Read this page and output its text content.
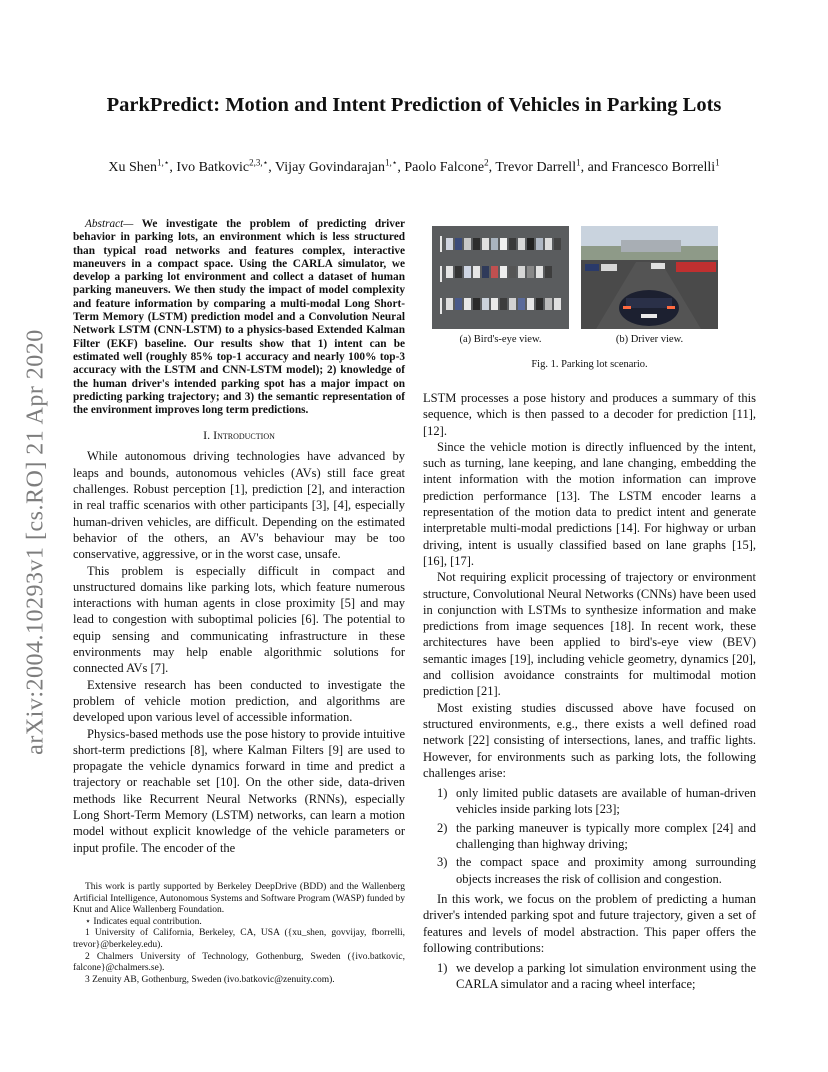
arXiv:2004.10293v1 [cs.RO] 21 Apr 2020
ParkPredict: Motion and Intent Prediction of Vehicles in Parking Lots
Xu Shen$^{1,⋆}$, Ivo Batkovic$^{2,3,⋆}$, Vijay Govindarajan$^{1,⋆}$, Paolo Falcone$^2$, Trevor Darrell$^1$, and Francesco Borrelli$^1$

Abstract— We investigate the problem of predicting driver behavior in parking lots, an environment which is less structured than typical road networks and features complex, interactive maneuvers in a compact space. Using the CARLA simulator, we develop a parking lot environment and collect a dataset of human parking maneuvers. We then study the impact of model complexity and feature information by comparing a multi-modal Long Short-Term Memory (LSTM) prediction model and a Convolution Neural Network LSTM (CNN-LSTM) to a physics-based Extended Kalman Filter (EKF) baseline. Our results show that 1) intent can be estimated well (roughly 85% top-1 accuracy and nearly 100% top-3 accuracy with the LSTM and CNN-LSTM model); 2) knowledge of the human driver's intended parking spot has a major impact on predicting parking trajectory; and 3) the semantic representation of the environment improves long term predictions.

I. Introduction

While autonomous driving technologies have advanced by leaps and bounds, autonomous vehicles (AVs) still face great challenges. Robust perception [1], prediction [2], and interaction in real traffic scenarios with other participants [3], [4], especially human-driven vehicles, are difficult. Depending on the estimated behavior of the others, an AV's behaviour may be too conservative, aggressive, or in the worst case, unsafe.

This problem is especially difficult in compact and unstructured domains like parking lots, which feature numerous interactions with human agents in close proximity [5] and may lead to congestion with suboptimal policies [6]. The potential to equip sensing and communicating infrastructure in these environments may help enable algorithmic solutions for connected AVs [7].

Extensive research has been conducted to investigate the problem of vehicle motion prediction, and algorithms are developed upon various level of accessible information.

Physics-based methods use the pose history to provide intuitive short-term predictions [8], where Kalman Filters [9] are used to propagate the vehicle dynamics forward in time and predict a trajectory or reachable set [10]. On the other side, data-driven methods like Recurrent Neural Networks (RNNs), especially Long Short-Term Memory (LSTM) networks, can learn a motion model without explicit knowledge of the vehicle parameters or input profile. The encoder of the

This work is partly supported by Berkeley DeepDrive (BDD) and the Wallenberg Artificial Intelligence, Autonomous Systems and Software Program (WASP) funded by Knut and Alice Wallenberg Foundation.
⋆ Indicates equal contribution.
1 University of California, Berkeley, CA, USA ({xu_shen, govvijay, fborrelli, trevor}@berkeley.edu).
2 Chalmers University of Technology, Gothenburg, Sweden ({ivo.batkovic, falcone}@chalmers.se).
3 Zenuity AB, Gothenburg, Sweden (ivo.batkovic@zenuity.com).
(a) Bird's-eye view.	(b) Driver view.
Fig. 1. Parking lot scenario.

LSTM processes a pose history and produces a summary of this sequence, which is then passed to a decoder for prediction [11], [12].

Since the vehicle motion is directly influenced by the intent, such as turning, lane keeping, and lane changing, embedding the intent information with the motion information can improve prediction performance [13]. The LSTM encoder learns a representation of the motion data to predict intent and generate interpretable multi-modal predictions [14]. For highway or urban driving, intent is usually classified based on lane graphs [15], [16], [17].

Not requiring explicit processing of trajectory or environment structure, Convolutional Neural Networks (CNNs) have been used in conjunction with LSTMs to synthesize information and make predictions from image sequences [18]. In recent work, these architectures have been applied to bird's-eye view (BEV) semantic images [19], including vehicle geometry, dynamics [20], and collision avoidance constraints for multimodal motion prediction [21].

Most existing studies discussed above have focused on structured environments, e.g., there exists a well defined road network [22] consisting of intersections, lanes, and traffic lights. However, for environments such as parking lots, the following challenges arise:

1) only limited public datasets are available of human-driven vehicles inside parking lots [23];
2) the parking maneuver is typically more complex [24] and challenging than highway driving;
3) the compact space and proximity among surrounding objects increases the risk of collision and congestion.

In this work, we focus on the problem of predicting a human driver's intended parking spot and future trajectory, given a set of features and levels of model abstraction. This paper offers the following contributions:

1) we develop a parking lot simulation environment using the CARLA simulator and a racing wheel interface;
